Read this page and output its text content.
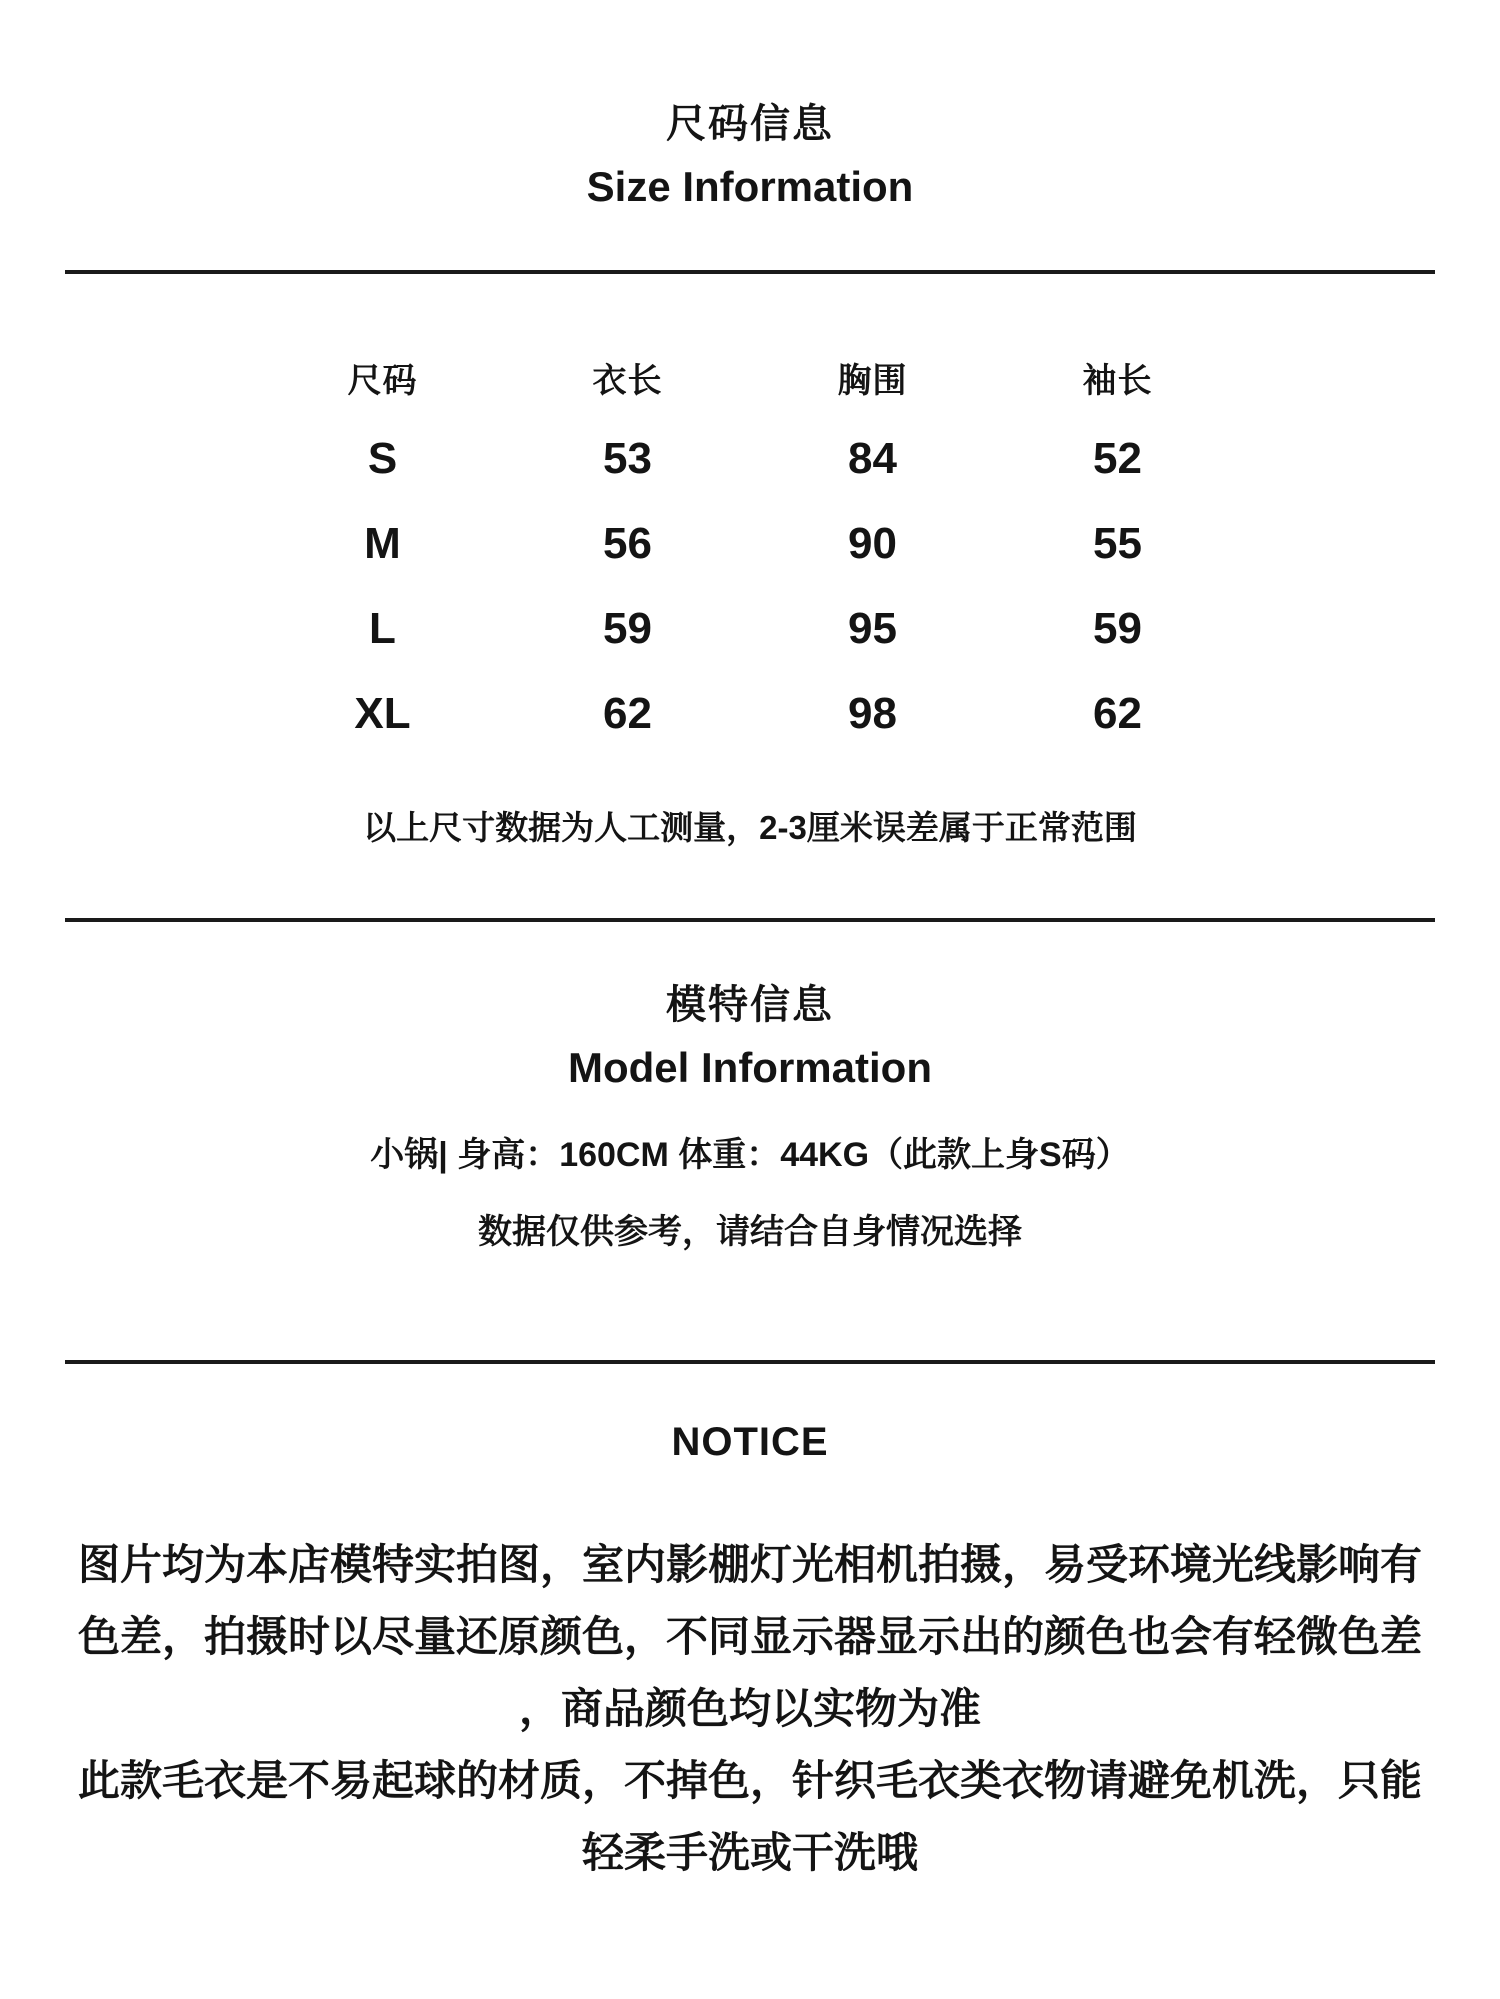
尺码信息
Size Information
尺码	衣长	胸围	袖长
S	53	84	52
M	56	90	55
L	59	95	59
XL	62	98	62
以上尺寸数据为人工测量，2-3厘米误差属于正常范围
模特信息
Model Information
小锅| 身高：160CM 体重：44KG（此款上身S码）
数据仅供参考，请结合自身情况选择
NOTICE
图片均为本店模特实拍图，室内影棚灯光相机拍摄，易受环境光线影响有
色差，拍摄时以尽量还原颜色，不同显示器显示出的颜色也会有轻微色差
，商品颜色均以实物为准
此款毛衣是不易起球的材质，不掉色，针织毛衣类衣物请避免机洗，只能
轻柔手洗或干洗哦
